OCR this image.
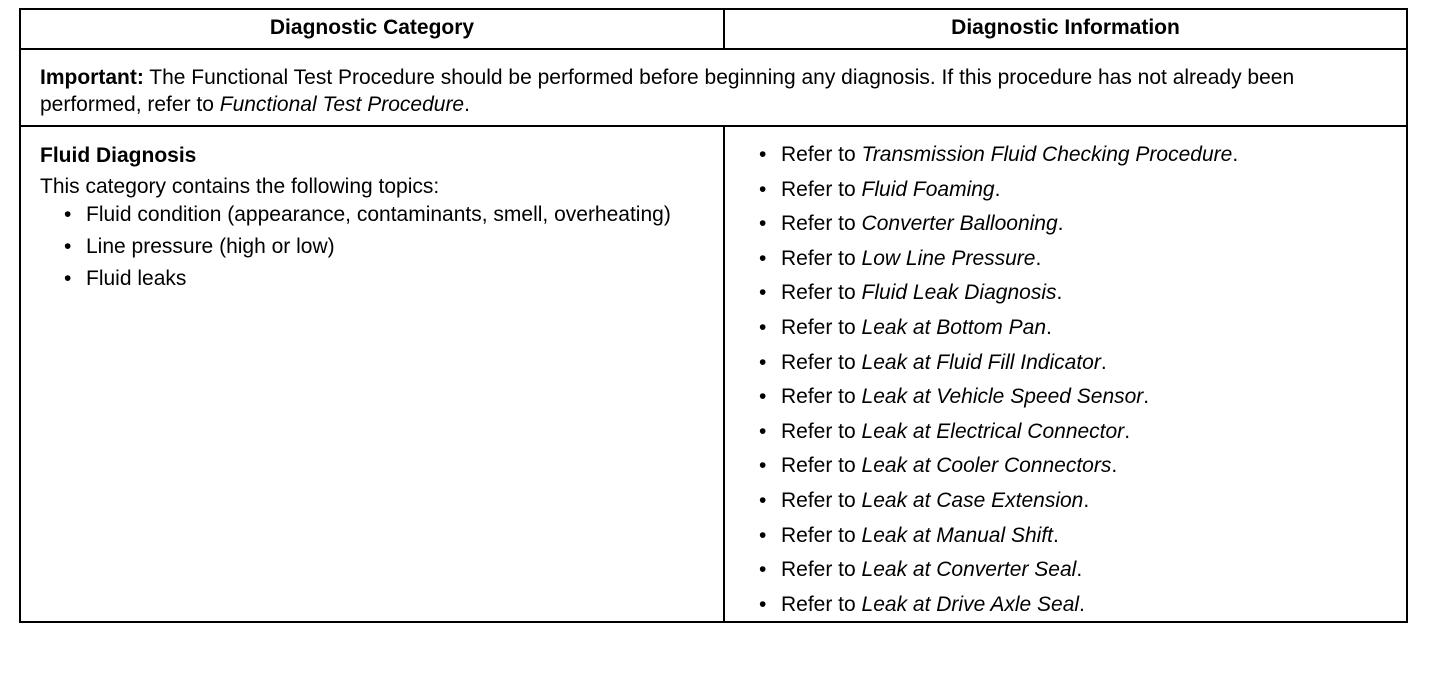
Diagnostic Category	Diagnostic Information
Important: The Functional Test Procedure should be performed before beginning any diagnosis. If this procedure has not already been performed, refer to Functional Test Procedure.

Fluid Diagnosis

This category contains the following topics:

• Fluid condition (appearance, contaminants, smell, overheating)
• Line pressure (high or low)
• Fluid leaks
• Refer to Transmission Fluid Checking Procedure.
• Refer to Fluid Foaming.
• Refer to Converter Ballooning.
• Refer to Low Line Pressure.
• Refer to Fluid Leak Diagnosis.
• Refer to Leak at Bottom Pan.
• Refer to Leak at Fluid Fill Indicator.
• Refer to Leak at Vehicle Speed Sensor.
• Refer to Leak at Electrical Connector.
• Refer to Leak at Cooler Connectors.
• Refer to Leak at Case Extension.
• Refer to Leak at Manual Shift.
• Refer to Leak at Converter Seal.
• Refer to Leak at Drive Axle Seal.
